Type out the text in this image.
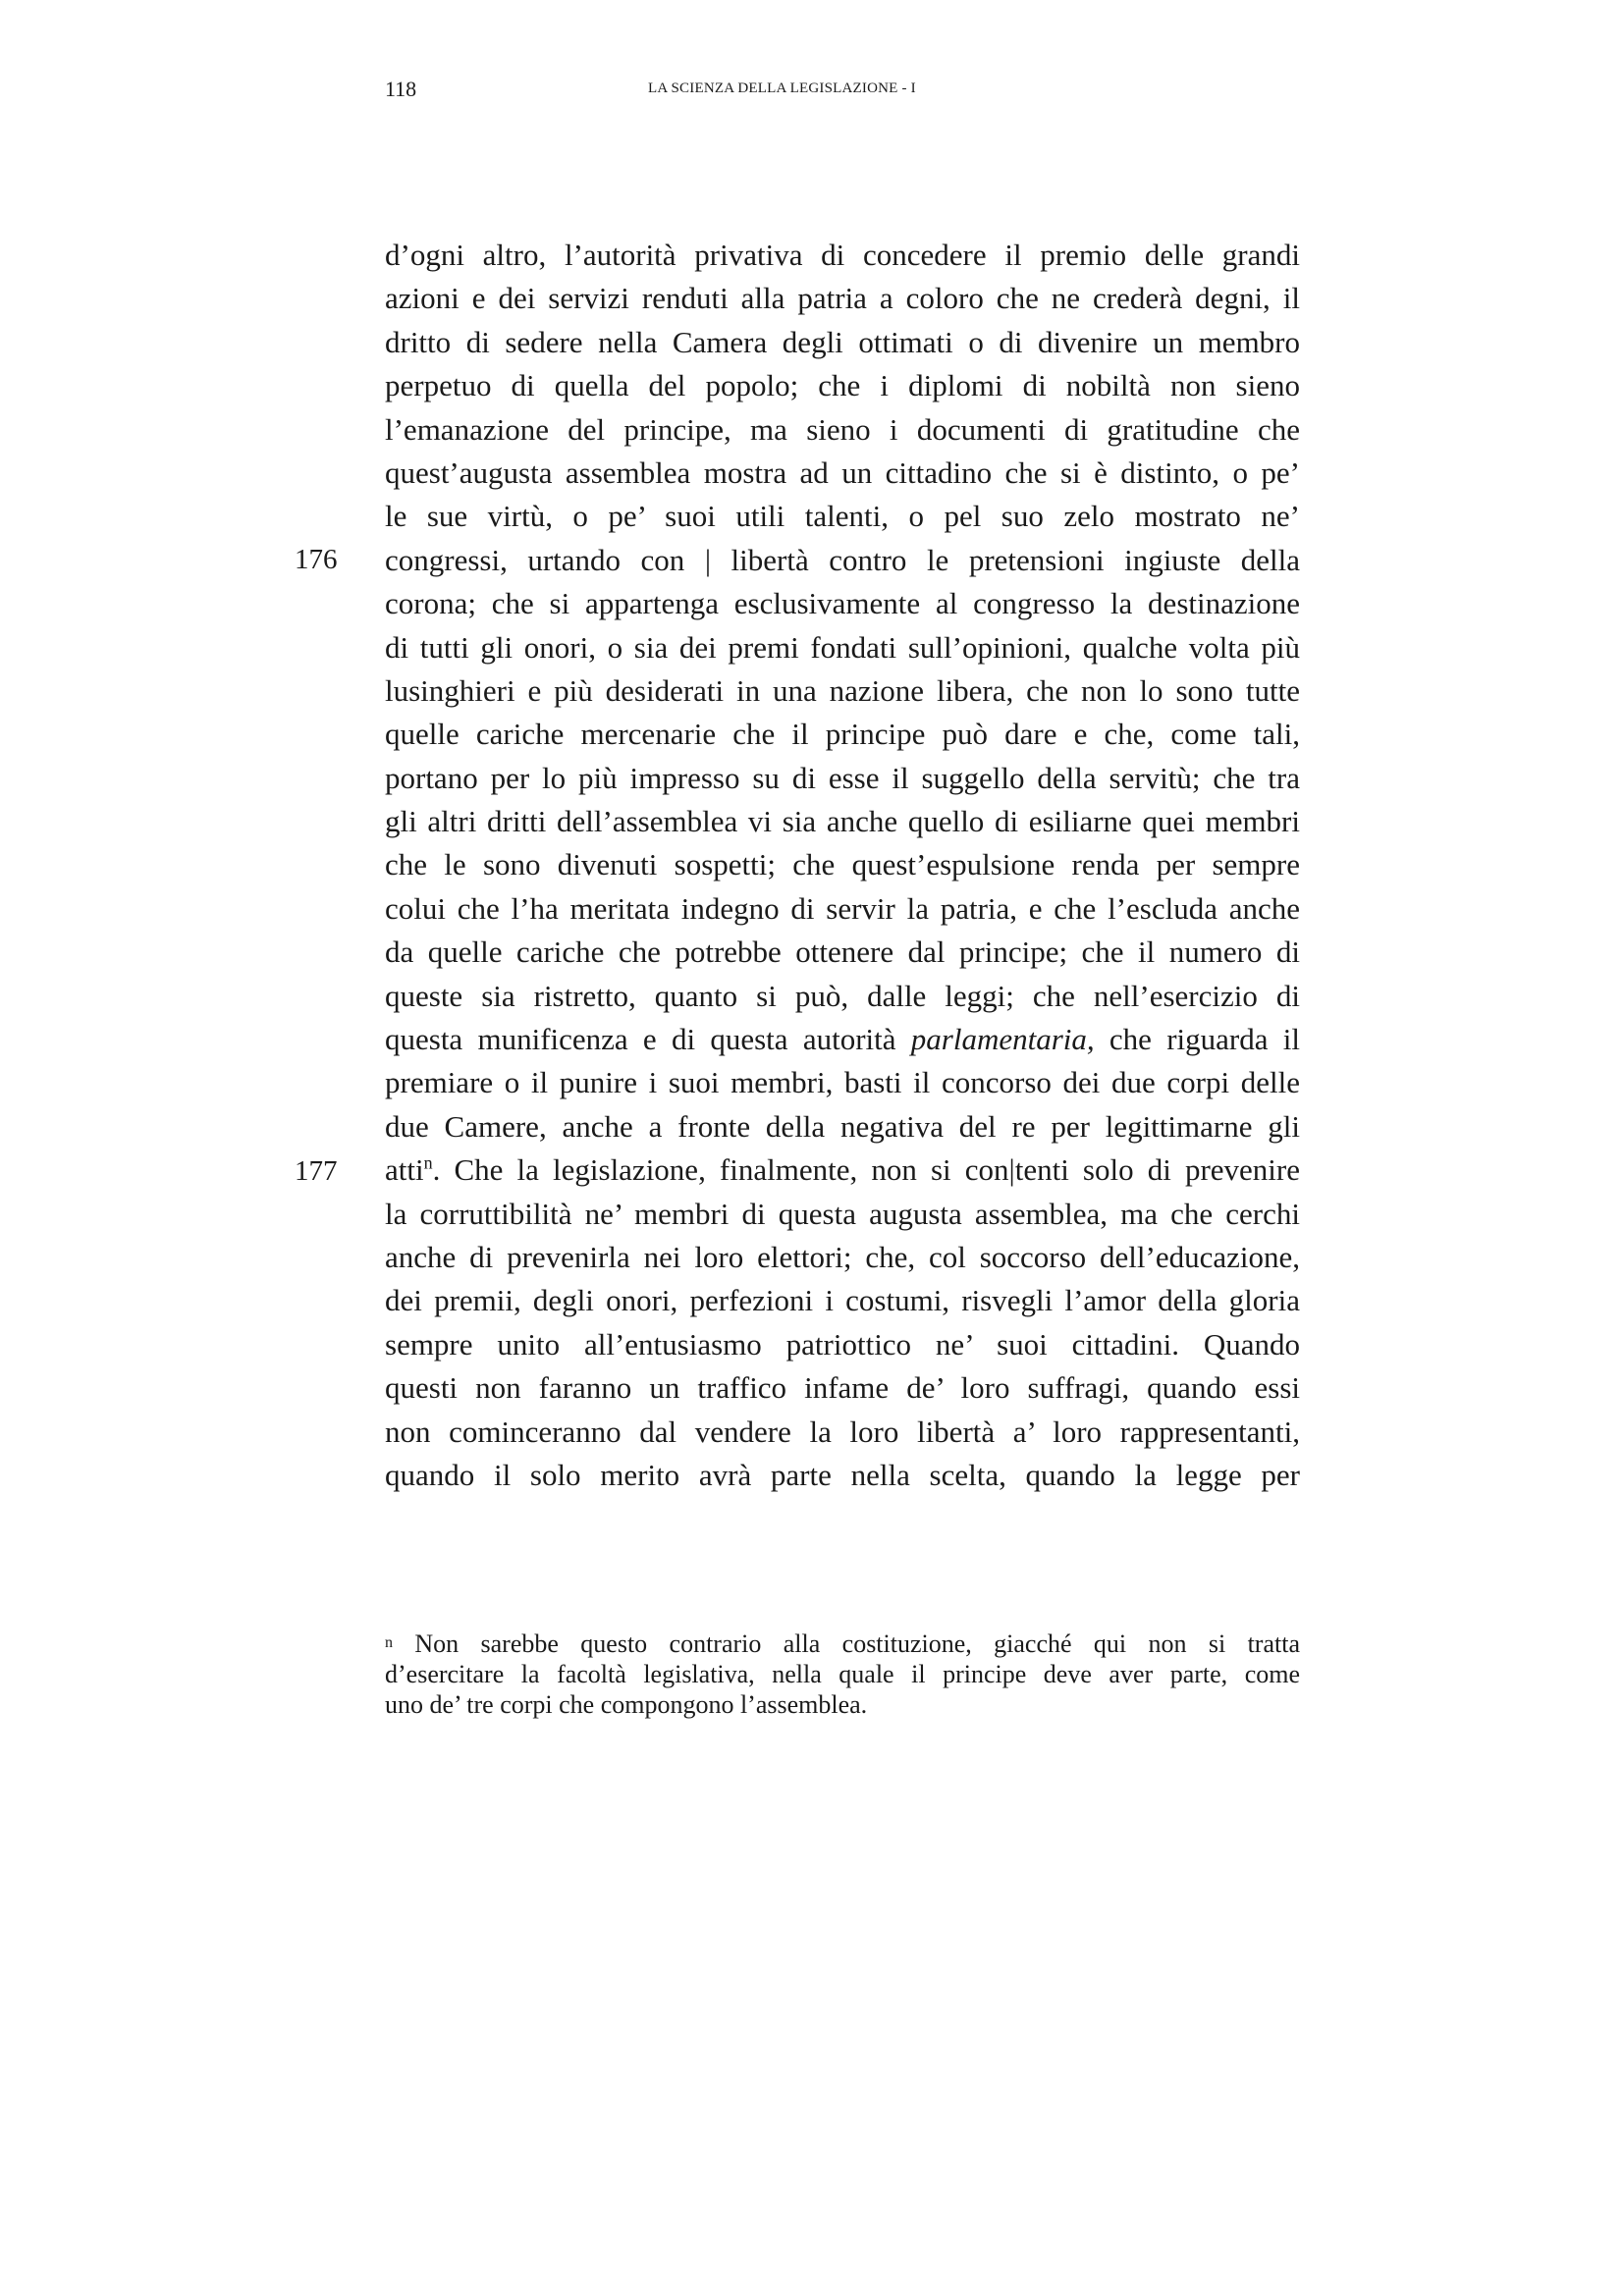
118	LA SCIENZA DELLA LEGISLAZIONE - I
176
177
d’ogni altro, l’autorità privativa di concedere il premio delle grandi
azioni e dei servizi renduti alla patria a coloro che ne crederà degni, il
dritto di sedere nella Camera degli ottimati o di divenire un membro
perpetuo di quella del popolo; che i diplomi di nobiltà non sieno
l’emanazione del principe, ma sieno i documenti di gratitudine che
quest’augusta assemblea mostra ad un cittadino che si è distinto, o pe’
le sue virtù, o pe’ suoi utili talenti, o pel suo zelo mostrato ne’
congressi, urtando con | libertà contro le pretensioni ingiuste della
corona; che si appartenga esclusivamente al congresso la destinazione
di tutti gli onori, o sia dei premi fondati sull’opinioni, qualche volta più
lusinghieri e più desiderati in una nazione libera, che non lo sono tutte
quelle cariche mercenarie che il principe può dare e che, come tali,
portano per lo più impresso su di esse il suggello della servitù; che tra
gli altri dritti dell’assemblea vi sia anche quello di esiliarne quei membri
che le sono divenuti sospetti; che quest’espulsione renda per sempre
colui che l’ha meritata indegno di servir la patria, e che l’escluda anche
da quelle cariche che potrebbe ottenere dal principe; che il numero di
queste sia ristretto, quanto si può, dalle leggi; che nell’esercizio di
questa munificenza e di questa autorità parlamentaria, che riguarda il
premiare o il punire i suoi membri, basti il concorso dei due corpi delle
due Camere, anche a fronte della negativa del re per legittimarne gli
atti$^n$. Che la legislazione, finalmente, non si con|tenti solo di prevenire
la corruttibilità ne’ membri di questa augusta assemblea, ma che cerchi
anche di prevenirla nei loro elettori; che, col soccorso dell’educazione,
dei premii, degli onori, perfezioni i costumi, risvegli l’amor della gloria
sempre unito all’entusiasmo patriottico ne’ suoi cittadini. Quando
questi non faranno un traffico infame de’ loro suffragi, quando essi
non cominceranno dal vendere la loro libertà a’ loro rappresentanti,
quando il solo merito avrà parte nella scelta, quando la legge per
n Non sarebbe questo contrario alla costituzione, giacché qui non si tratta
d’esercitare la facoltà legislativa, nella quale il principe deve aver parte, come
uno de’ tre corpi che compongono l’assemblea.
